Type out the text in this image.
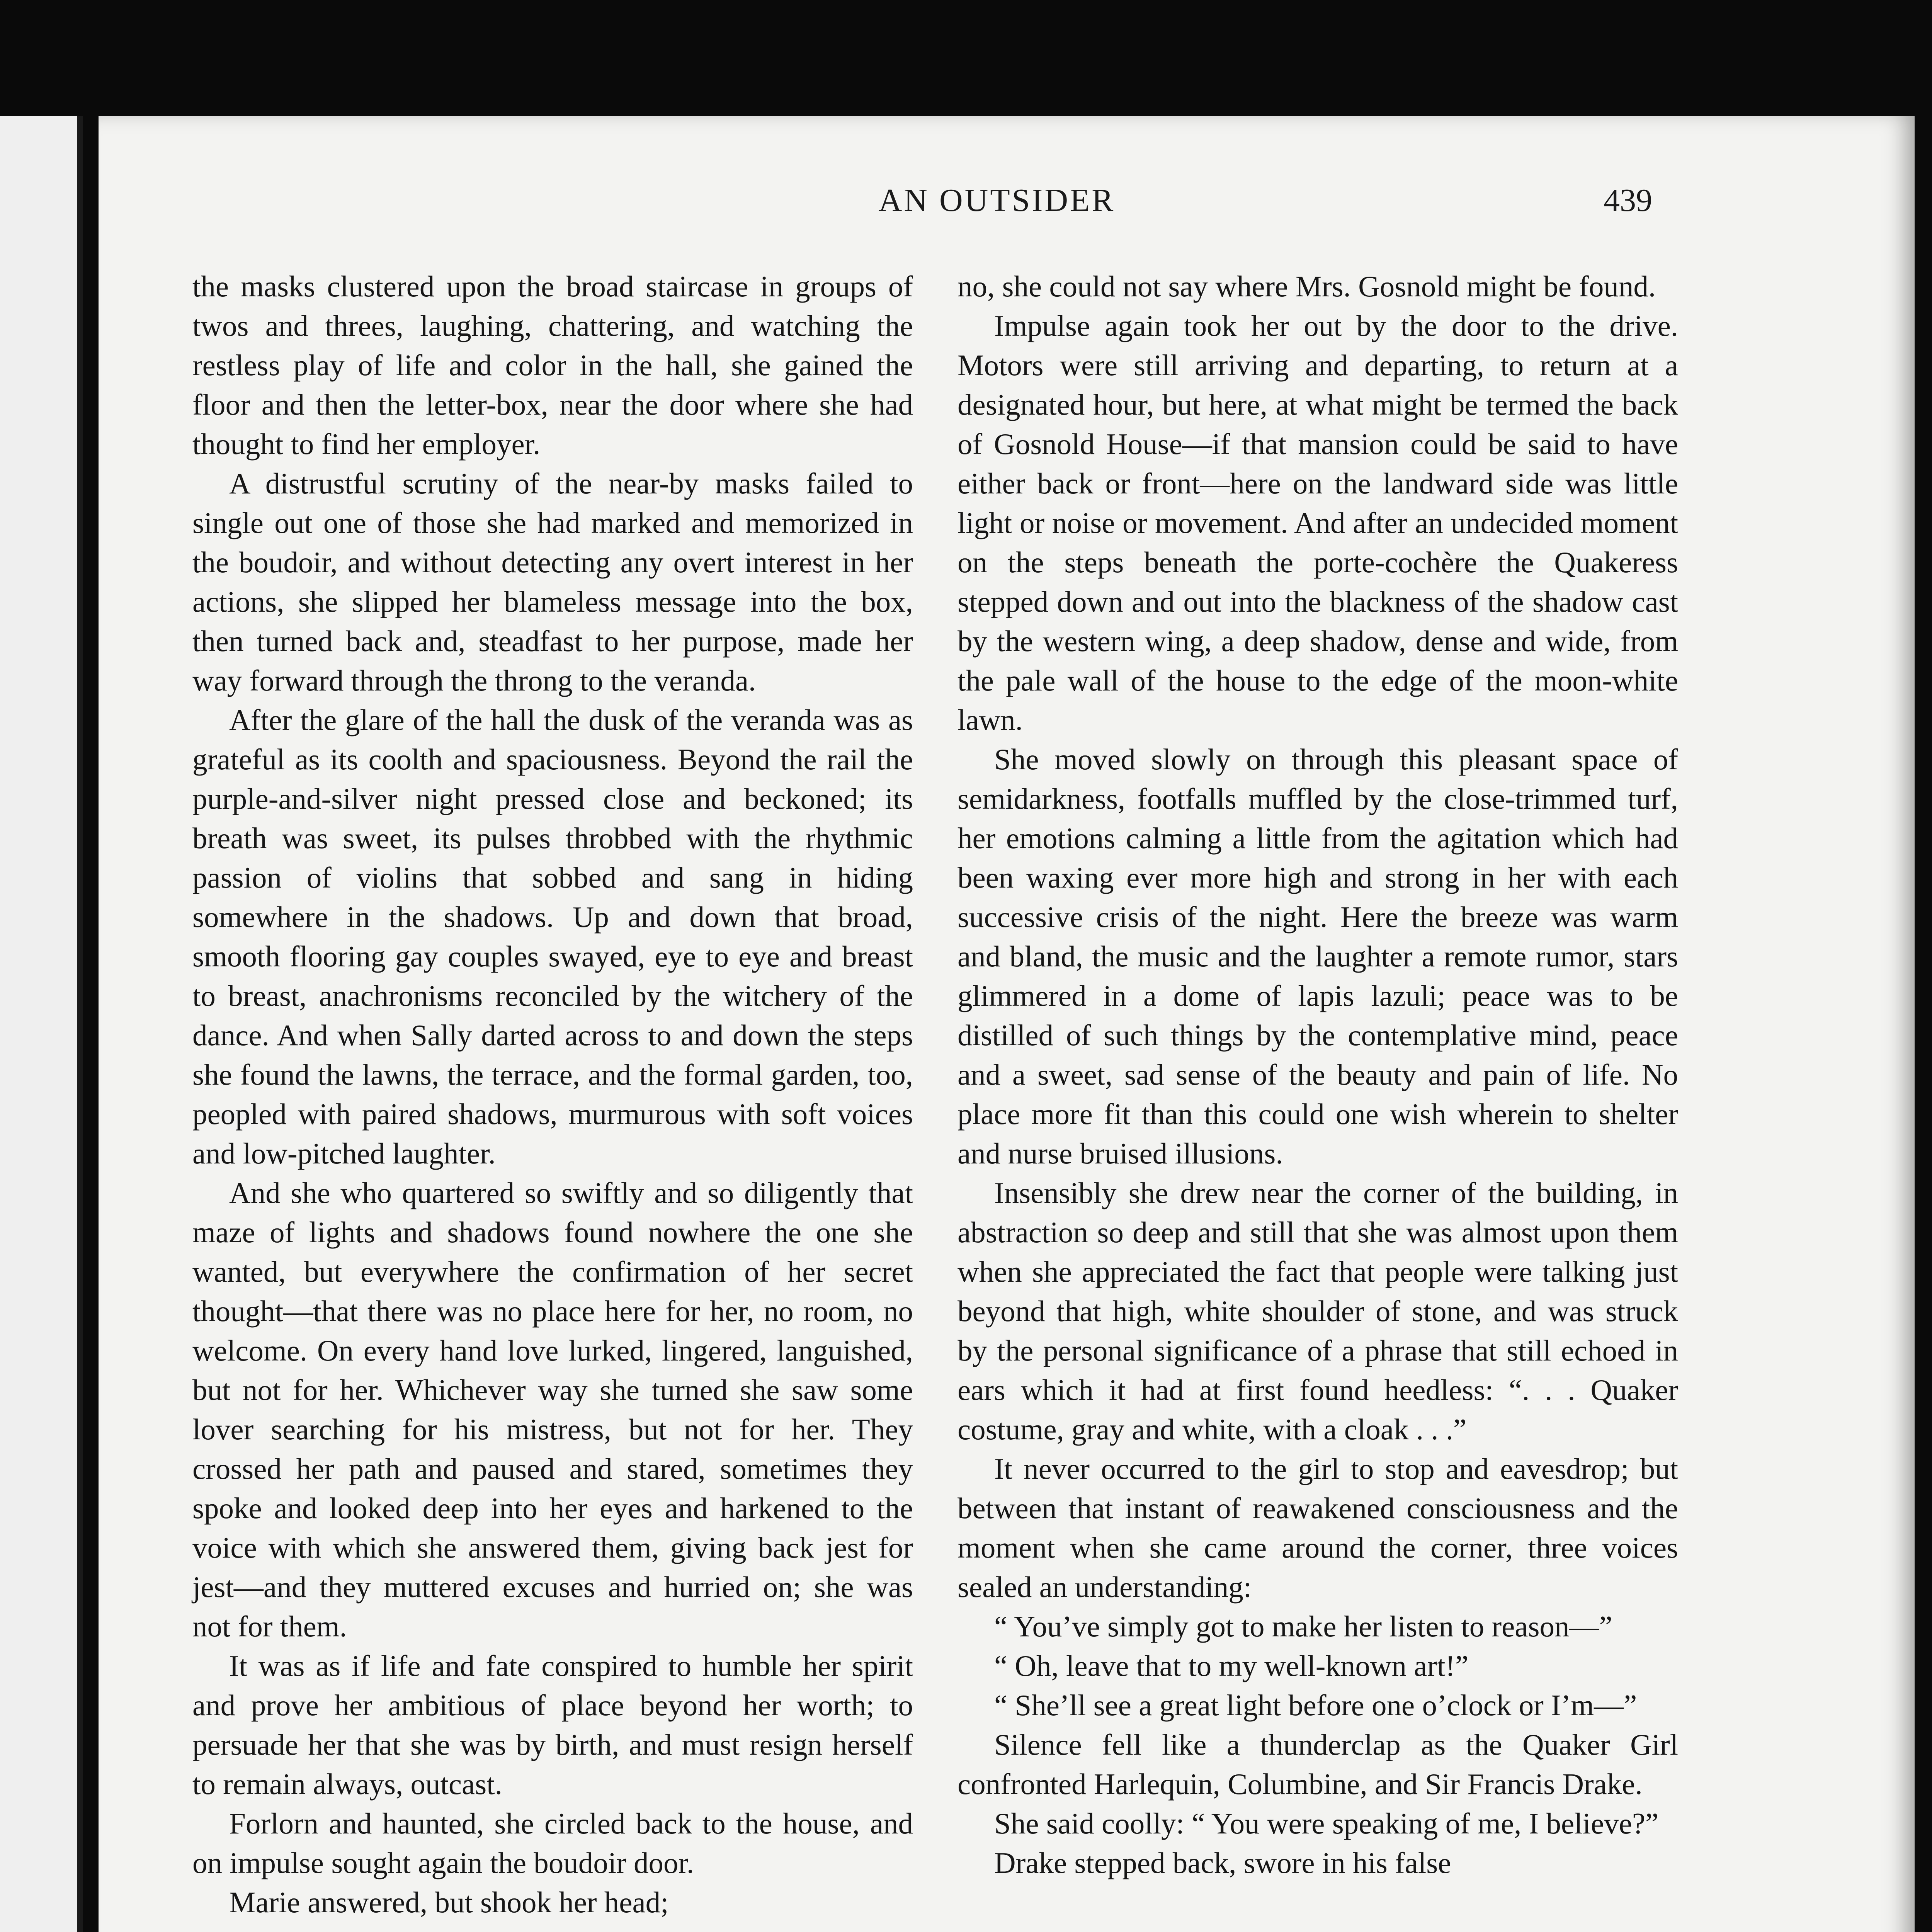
AN OUTSIDER	439

the masks clustered upon the broad staircase in groups of twos and threes, laughing, chattering, and watching the restless play of life and color in the hall, she gained the floor and then the letter-box, near the door where she had thought to find her employer.

A distrustful scrutiny of the near-by masks failed to single out one of those she had marked and memorized in the boudoir, and without detecting any overt interest in her actions, she slipped her blameless message into the box, then turned back and, steadfast to her purpose, made her way forward through the throng to the veranda.

After the glare of the hall the dusk of the veranda was as grateful as its coolth and spaciousness. Beyond the rail the purple-and-silver night pressed close and beckoned; its breath was sweet, its pulses throbbed with the rhythmic passion of violins that sobbed and sang in hiding somewhere in the shadows. Up and down that broad, smooth flooring gay couples swayed, eye to eye and breast to breast, anachronisms reconciled by the witchery of the dance. And when Sally darted across to and down the steps she found the lawns, the terrace, and the formal garden, too, peopled with paired shadows, murmurous with soft voices and low-pitched laughter.

And she who quartered so swiftly and so diligently that maze of lights and shadows found nowhere the one she wanted, but everywhere the confirmation of her secret thought—that there was no place here for her, no room, no welcome. On every hand love lurked, lingered, languished, but not for her. Whichever way she turned she saw some lover searching for his mistress, but not for her. They crossed her path and paused and stared, sometimes they spoke and looked deep into her eyes and harkened to the voice with which she answered them, giving back jest for jest—and they muttered excuses and hurried on; she was not for them.

It was as if life and fate conspired to humble her spirit and prove her ambitious of place beyond her worth; to persuade her that she was by birth, and must resign herself to remain always, outcast.

Forlorn and haunted, she circled back to the house, and on impulse sought again the boudoir door.

Marie answered, but shook her head;

no, she could not say where Mrs. Gosnold might be found.

Impulse again took her out by the door to the drive. Motors were still arriving and departing, to return at a designated hour, but here, at what might be termed the back of Gosnold House—if that mansion could be said to have either back or front—here on the landward side was little light or noise or movement. And after an undecided moment on the steps beneath the porte-cochère the Quakeress stepped down and out into the blackness of the shadow cast by the western wing, a deep shadow, dense and wide, from the pale wall of the house to the edge of the moon-white lawn.

She moved slowly on through this pleasant space of semidarkness, footfalls muffled by the close-trimmed turf, her emotions calming a little from the agitation which had been waxing ever more high and strong in her with each successive crisis of the night. Here the breeze was warm and bland, the music and the laughter a remote rumor, stars glimmered in a dome of lapis lazuli; peace was to be distilled of such things by the contemplative mind, peace and a sweet, sad sense of the beauty and pain of life. No place more fit than this could one wish wherein to shelter and nurse bruised illusions.

Insensibly she drew near the corner of the building, in abstraction so deep and still that she was almost upon them when she appreciated the fact that people were talking just beyond that high, white shoulder of stone, and was struck by the personal significance of a phrase that still echoed in ears which it had at first found heedless: “. . . Quaker costume, gray and white, with a cloak . . .”

It never occurred to the girl to stop and eavesdrop; but between that instant of reawakened consciousness and the moment when she came around the corner, three voices sealed an understanding:

“ You’ve simply got to make her listen to reason—”

“ Oh, leave that to my well-known art!”

“ She’ll see a great light before one o’clock or I’m—”

Silence fell like a thunderclap as the Quaker Girl confronted Harlequin, Columbine, and Sir Francis Drake.

She said coolly: “ You were speaking of me, I believe?”

Drake stepped back, swore in his false
